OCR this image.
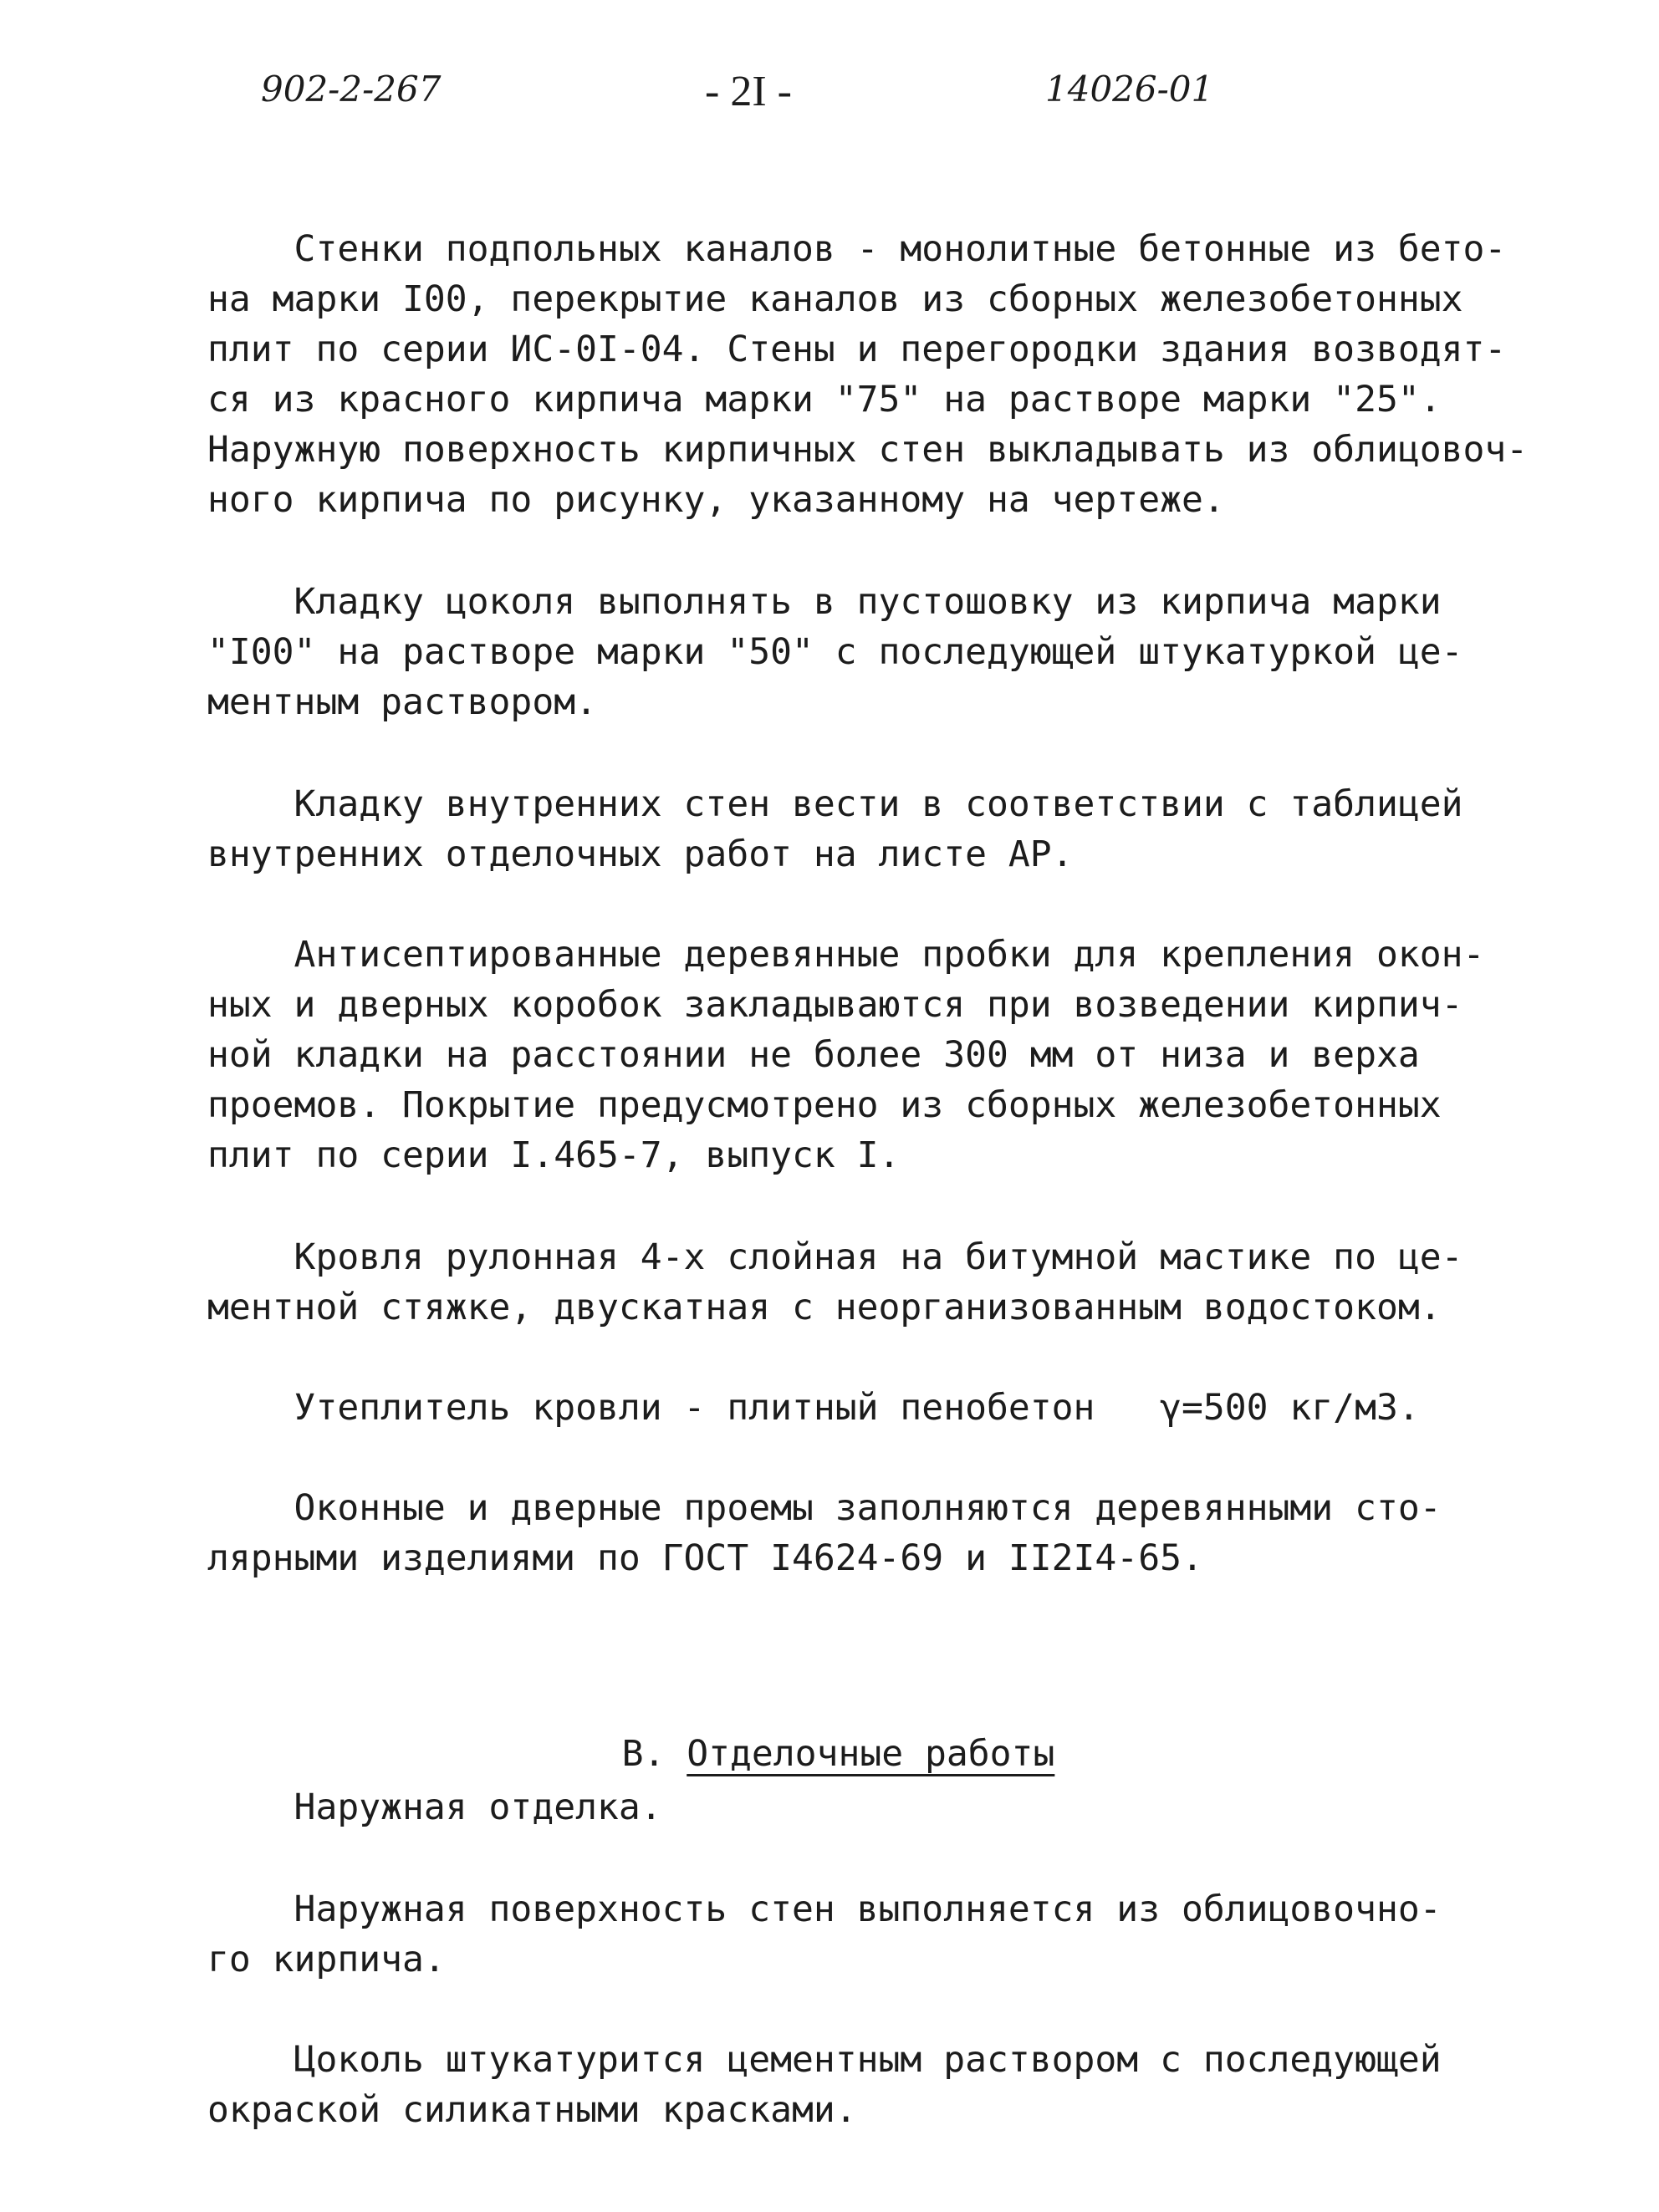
902-2-267	- 2I -	14026-01
Стенки подпольных каналов - монолитные бетонные из бето-
на марки I00, перекрытие каналов из сборных железобетонных
плит по серии ИС-0I-04. Стены и перегородки здания возводят-
ся из красного кирпича марки "75" на растворе марки "25".
Наружную поверхность кирпичных стен выкладывать из облицовоч-
ного кирпича по рисунку, указанному на чертеже.
Кладку цоколя выполнять в пустошовку из кирпича марки
"I00" на растворе марки "50" с последующей штукатуркой це-
ментным раствором.
Кладку внутренних стен вести в соответствии с таблицей
внутренних отделочных работ на листе АР.
Антисептированные деревянные пробки для крепления окон-
ных и дверных коробок закладываются при возведении кирпич-
ной кладки на расстоянии не более 300 мм от низа и верха
проемов. Покрытие предусмотрено из сборных железобетонных
плит по серии I.465-7, выпуск I.
Кровля рулонная 4-х слойная на битумной мастике по це-
ментной стяжке, двускатная с неорганизованным водостоком.
Утеплитель кровли - плитный пенобетон   γ=500 кг/м3.
Оконные и дверные проемы заполняются деревянными сто-
лярными изделиями по ГОСТ I4624-69 и II2I4-65.

В. Отделочные работы

Наружная отделка.
Наружная поверхность стен выполняется из облицовочно-
го кирпича.
Цоколь штукатурится цементным раствором с последующей
окраской силикатными красками.
